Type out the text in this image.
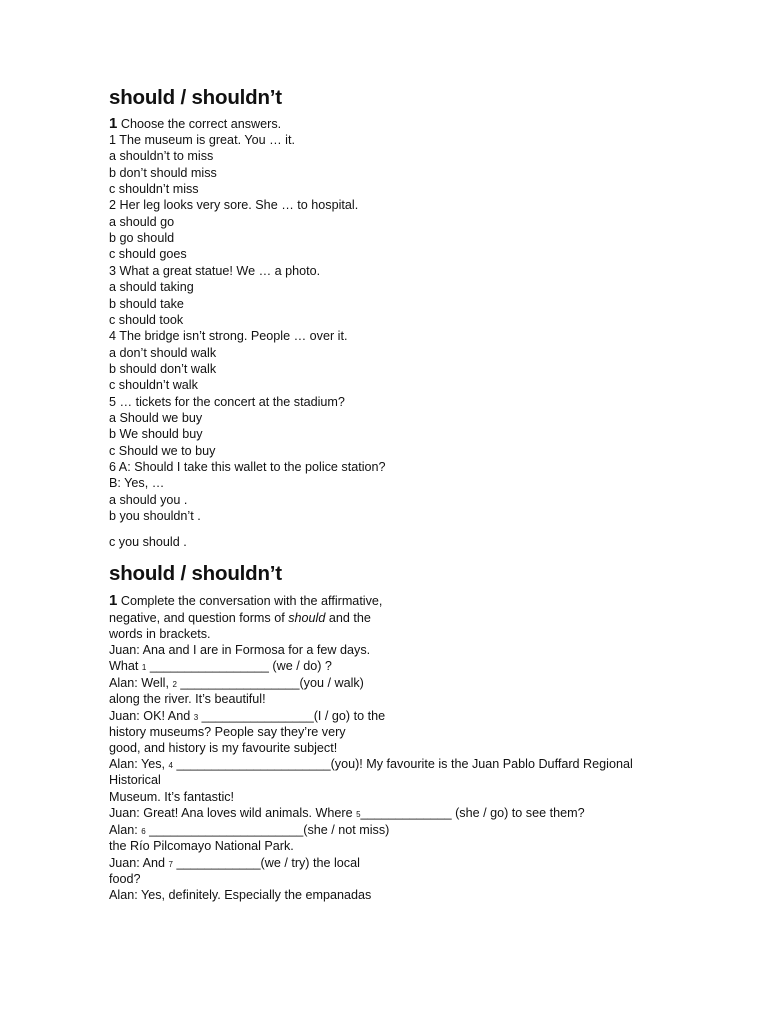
should / shouldn’t
1 Choose the correct answers.
1 The museum is great. You … it.
a shouldn’t to miss
b don’t should miss
c shouldn’t miss
2 Her leg looks very sore. She … to hospital.
a should go
b go should
c should goes
3 What a great statue! We … a photo.
a should taking
b should take
c should took
4 The bridge isn’t strong. People … over it.
a don’t should walk
b should don’t walk
c shouldn’t walk
5 … tickets for the concert at the stadium?
a Should we buy
b We should buy
c Should we to buy
6 A: Should I take this wallet to the police station?
B: Yes, …
a should you .
b you shouldn’t .
c you should .
should / shouldn’t
1 Complete the conversation with the affirmative,
negative, and question forms of should and the
words in brackets.
Juan: Ana and I are in Formosa for a few days.
What 1 _________________ (we / do) ?
Alan: Well, 2 _________________(you / walk)
along the river. It’s beautiful!
Juan: OK! And 3 ________________(I / go) to the
history museums? People say they’re very
good, and history is my favourite subject!
Alan: Yes, 4 ______________________(you)! My favourite is the Juan Pablo Duffard Regional
Historical
Museum. It’s fantastic!
Juan: Great! Ana loves wild animals. Where 5_____________ (she / go) to see them?
Alan: 6 ______________________(she / not miss)
the Río Pilcomayo National Park.
Juan: And 7 ____________(we / try) the local
food?
Alan: Yes, definitely. Especially the empanadas
